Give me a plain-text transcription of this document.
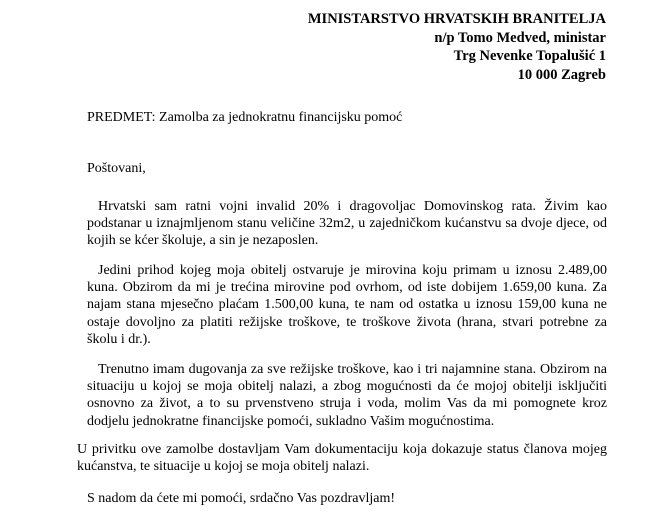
MINISTARSTVO HRVATSKIH BRANITELJA
n/p Tomo Medved, ministar
Trg Nevenke Topalušić 1
10 000 Zagreb
PREDMET: Zamolba za jednokratnu financijsku pomoć
Poštovani,

Hrvatski sam ratni vojni invalid 20% i dragovoljac Domovinskog rata. Živim kao podstanar u iznajmljenom stanu veličine 32m2, u zajedničkom kućanstvu sa dvoje djece, od kojih se kćer školuje, a sin je nezaposlen.

Jedini prihod kojeg moja obitelj ostvaruje je mirovina koju primam u iznosu 2.489,00 kuna. Obzirom da mi je trećina mirovine pod ovrhom, od iste dobijem 1.659,00 kuna. Za najam stana mjesečno plaćam 1.500,00 kuna, te nam od ostatka u iznosu 159,00 kuna ne ostaje dovoljno za platiti režijske troškove, te troškove života (hrana, stvari potrebne za školu i dr.).

Trenutno imam dugovanja za sve režijske troškove, kao i tri najamnine stana. Obzirom na situaciju u kojoj se moja obitelj nalazi, a zbog mogućnosti da će mojoj obitelji isključiti osnovno za život, a to su prvenstveno struja i voda, molim Vas da mi pomognete kroz dodjelu jednokratne financijske pomoći, sukladno Vašim mogućnostima.

U privitku ove zamolbe dostavljam Vam dokumentaciju koja dokazuje status članova mojeg kućanstva, te situacije u kojoj se moja obitelj nalazi.

S nadom da ćete mi pomoći, srdačno Vas pozdravljam!
